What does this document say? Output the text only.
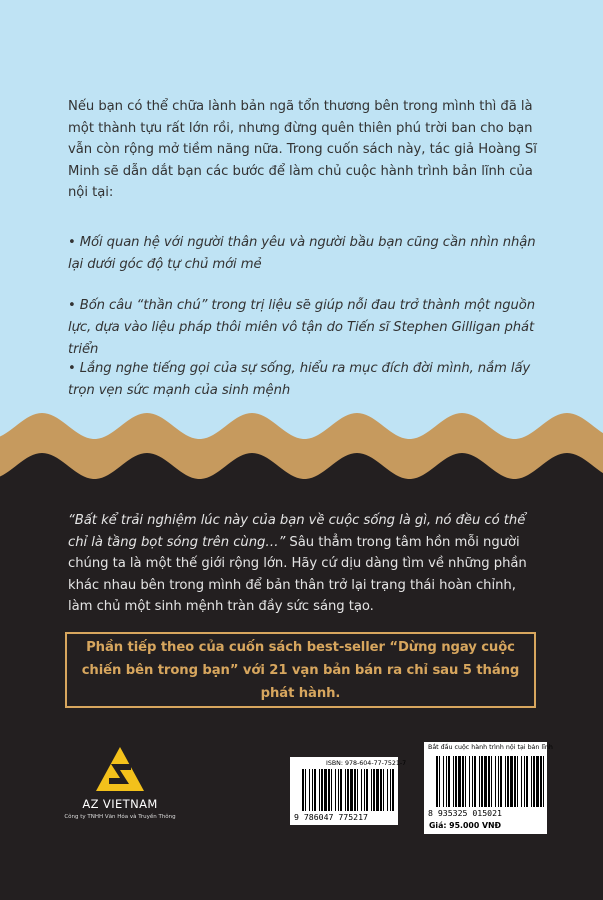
Nếu bạn có thể chữa lành bản ngã tổn thương bên trong mình thì đã là một thành tựu rất lớn rồi, nhưng đừng quên thiên phú trời ban cho bạn vẫn còn rộng mở tiềm năng nữa. Trong cuốn sách này, tác giả Hoàng Sĩ Minh sẽ dẫn dắt bạn các bước để làm chủ cuộc hành trình bản lĩnh của nội tại:

• Mối quan hệ với người thân yêu và người bầu bạn cũng cần nhìn nhận lại dưới góc độ tự chủ mới mẻ

• Bốn câu “thần chú” trong trị liệu sẽ giúp nỗi đau trở thành một nguồn lực, dựa vào liệu pháp thôi miên vô tận do Tiến sĩ Stephen Gilligan phát triển

• Lắng nghe tiếng gọi của sự sống, hiểu ra mục đích đời mình, nắm lấy trọn vẹn sức mạnh của sinh mệnh

“Bất kể trải nghiệm lúc này của bạn về cuộc sống là gì, nó đều có thể chỉ là tầng bọt sóng trên cùng…” Sâu thẳm trong tâm hồn mỗi người chúng ta là một thế giới rộng lớn. Hãy cứ dịu dàng tìm về những phần khác nhau bên trong mình để bản thân trở lại trạng thái hoàn chỉnh, làm chủ một sinh mệnh tràn đầy sức sáng tạo.

Phần tiếp theo của cuốn sách best-seller “Dừng ngay cuộc chiến bên trong bạn” với 21 vạn bản bán ra chỉ sau 5 tháng phát hành.

AZ VIETNAM
Công ty TNHH Văn Hóa và Truyền Thông
ISBN: 978-604-77-7521-7
9 786047 775217
Bắt đầu cuộc hành trình nội tại bản lĩnh
8 935325 015021
Giá: 95.000 VNĐ
